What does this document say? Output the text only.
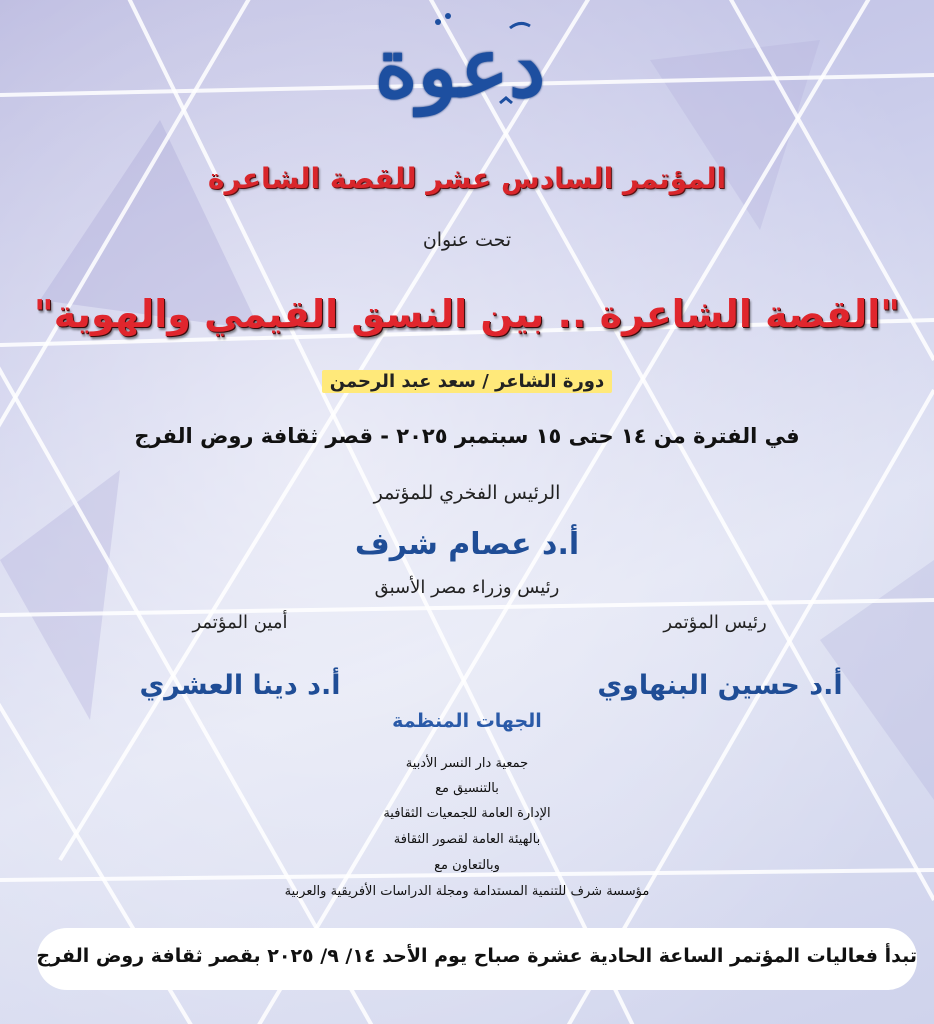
دعوة
المؤتمر السادس عشر للقصة الشاعرة
تحت عنوان
"القصة الشاعرة .. بين النسق القيمي والهوية"
دورة الشاعر / سعد عبد الرحمن
في الفترة من ١٤ حتى ١٥ سبتمبر ٢٠٢٥ - قصر ثقافة روض الفرج
الرئيس الفخري للمؤتمر
أ.د عصام شرف
رئيس وزراء مصر الأسبق
رئيس المؤتمر
أمين المؤتمر
أ.د حسين البنهاوي
أ.د دينا العشري
الجهات المنظمة
جمعية دار النسر الأدبية
بالتنسيق مع
الإدارة العامة للجمعيات الثقافية
بالهيئة العامة لقصور الثقافة
وبالتعاون مع
مؤسسة شرف للتنمية المستدامة ومجلة الدراسات الأفريقية والعربية
تبدأ فعاليات المؤتمر الساعة الحادية عشرة صباح يوم الأحد ١٤/ ٩/ ٢٠٢٥ بقصر ثقافة روض الفرج
